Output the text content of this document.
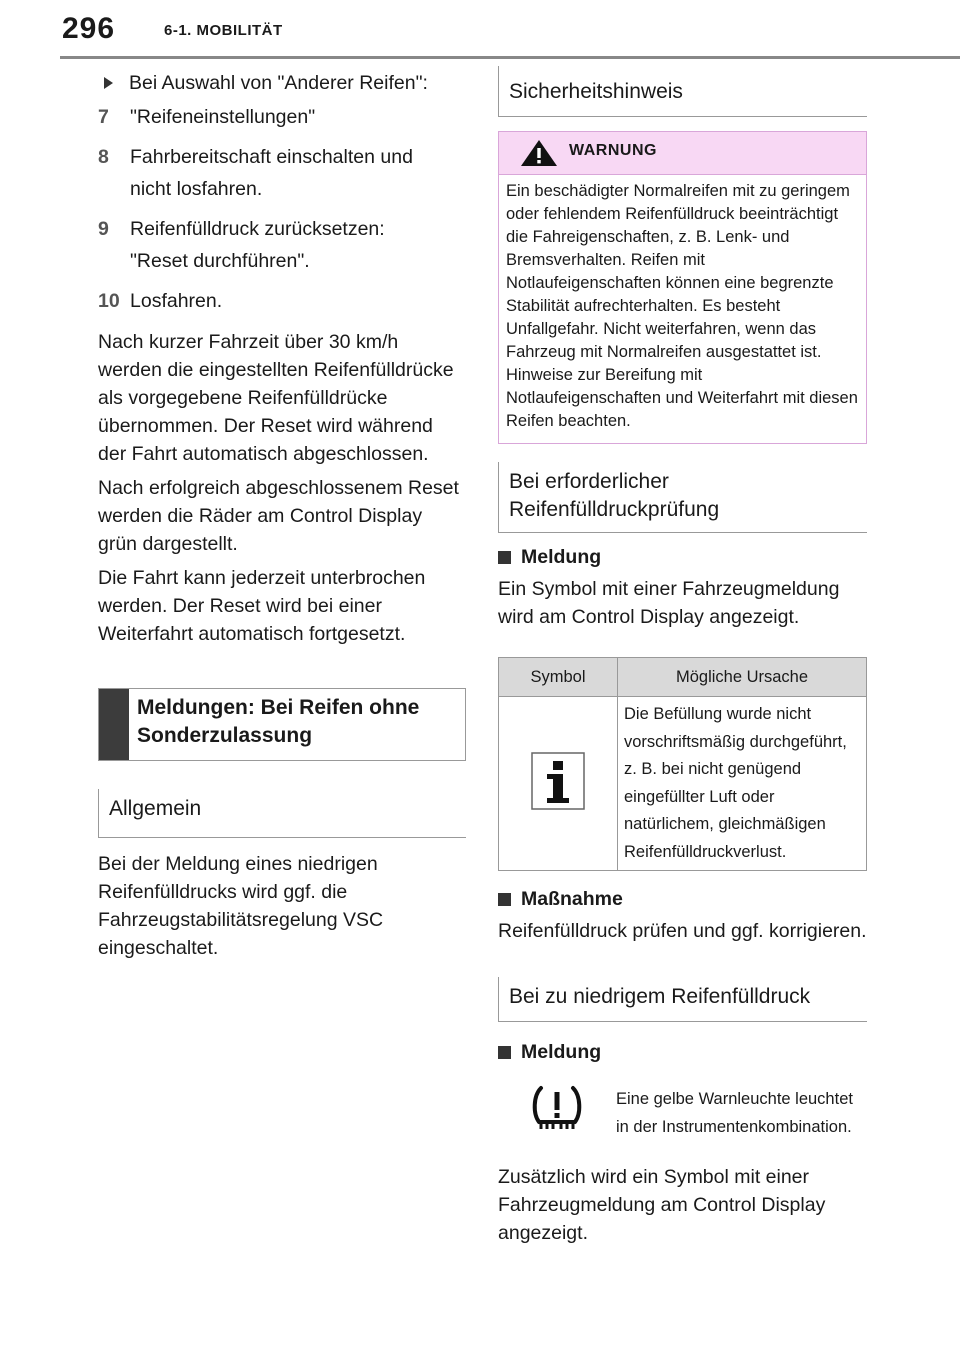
296	6-1. MOBILITÄT
Bei Auswahl von "Anderer Reifen":
7	"Reifeneinstellungen"
8	Fahrbereitschaft einschalten und
nicht losfahren.
9	Reifenfülldruck zurücksetzen:
"Reset durchführen".
10 Losfahren.

Nach kurzer Fahrzeit über 30 km/h werden die eingestellten Reifenfülldrücke als vorgegebene Reifenfülldrücke übernommen. Der Reset wird während der Fahrt automatisch abgeschlossen.

Nach erfolgreich abgeschlossenem Reset werden die Räder am Control Display grün dargestellt.

Die Fahrt kann jederzeit unterbrochen werden. Der Reset wird bei einer Weiterfahrt automatisch fortgesetzt.

Meldungen: Bei Reifen ohne Sonderzulassung
Allgemein

Bei der Meldung eines niedrigen Reifenfülldrucks wird ggf. die Fahrzeugstabilitätsregelung VSC eingeschaltet.

Sicherheitshinweis
WARNUNG
Ein beschädigter Normalreifen mit zu geringem oder fehlendem Reifenfülldruck beeinträchtigt die Fahreigenschaften, z. B. Lenk- und Bremsverhalten. Reifen mit Notlaufeigenschaften können eine begrenzte Stabilität aufrechterhalten. Es besteht Unfallgefahr. Nicht weiterfahren, wenn das Fahrzeug mit Normalreifen ausgestattet ist. Hinweise zur Bereifung mit Notlaufeigenschaften und Weiterfahrt mit diesen Reifen beachten.
Bei erforderlicher Reifenfülldruckprüfung
Meldung

Ein Symbol mit einer Fahrzeugmeldung wird am Control Display angezeigt.

Symbol	Mögliche Ursache
	Die Befüllung wurde nicht vorschriftsmäßig durchgeführt, z. B. bei nicht genügend eingefüllter Luft oder natürlichem, gleichmäßigen Reifenfülldruckverlust.
Maßnahme

Reifenfülldruck prüfen und ggf. korrigieren.

Bei zu niedrigem Reifenfülldruck
Meldung
Eine gelbe Warnleuchte leuchtet in der Instrumentenkombination.

Zusätzlich wird ein Symbol mit einer Fahrzeugmeldung am Control Display angezeigt.
